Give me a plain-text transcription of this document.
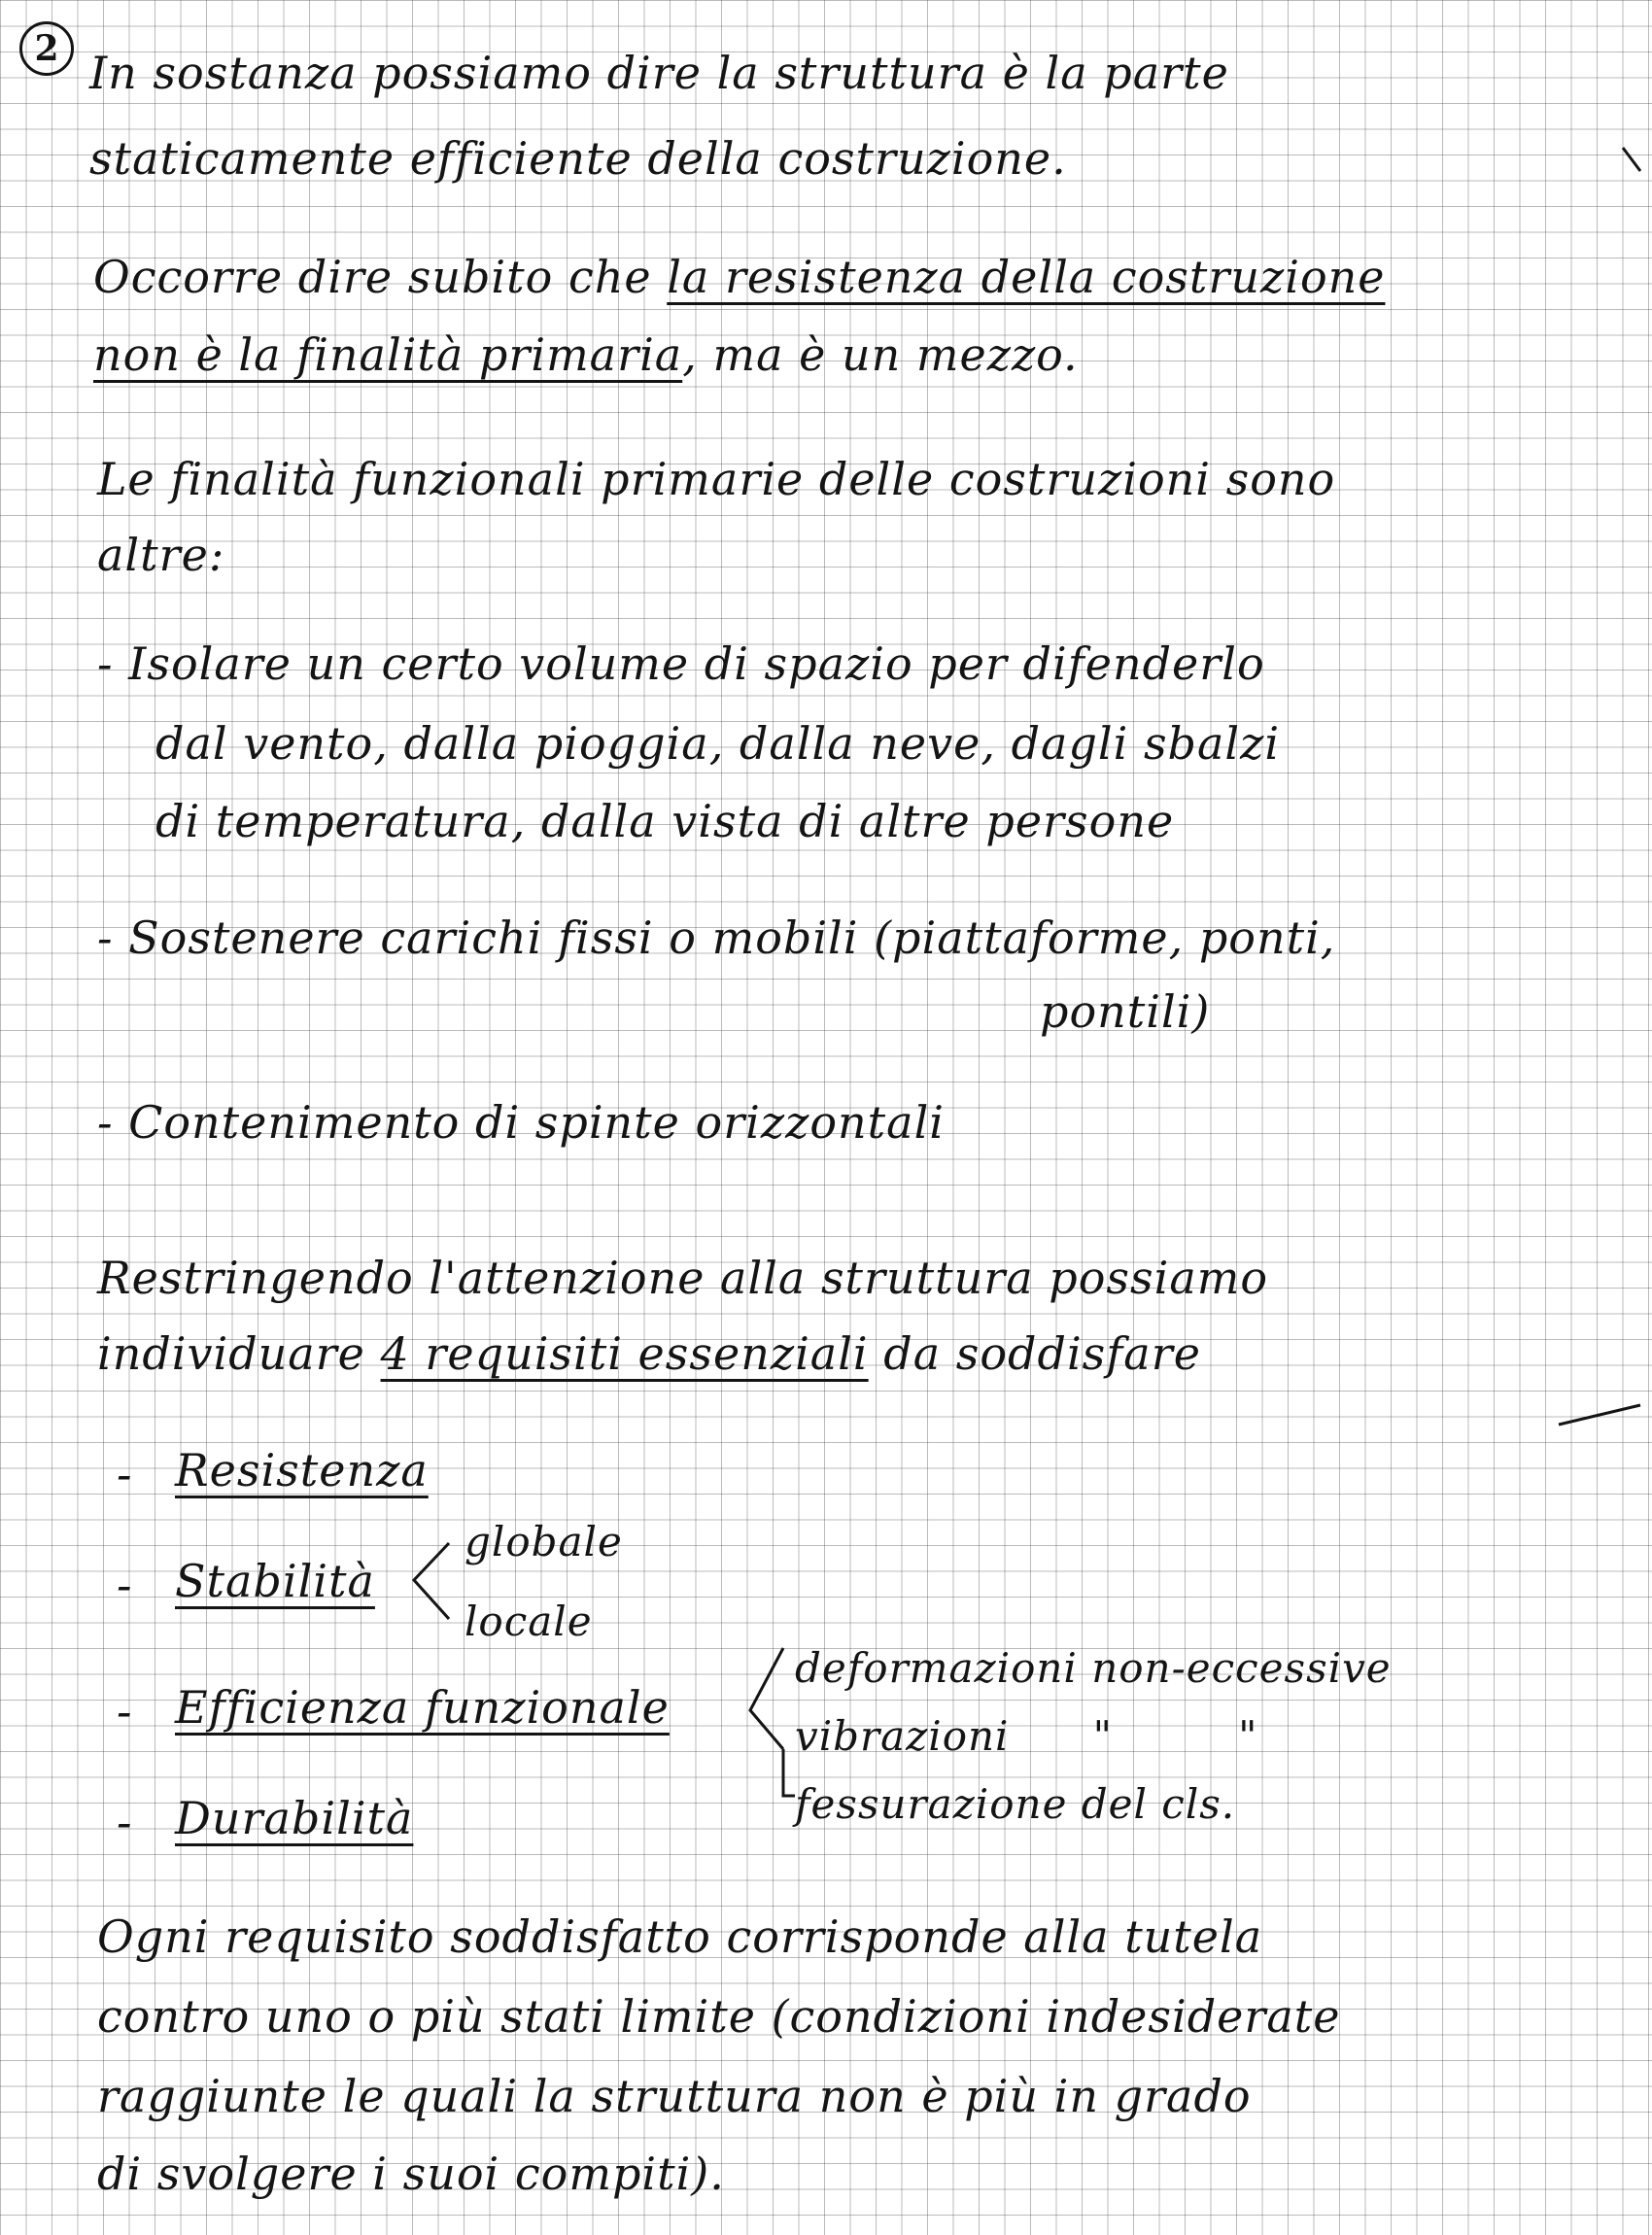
2 In sostanza possiamo dire la struttura è la parte
staticamente efficiente della costruzione.
Occorre dire subito che la resistenza della costruzione
non è la finalità primaria, ma è un mezzo.
Le finalità funzionali primarie delle costruzioni sono
altre:
- Isolare un certo volume di spazio per difenderlo
dal vento, dalla pioggia, dalla neve, dagli sbalzi
di temperatura, dalla vista di altre persone
- Sostenere carichi fissi o mobili (piattaforme, ponti,
pontili)
- Contenimento di spinte orizzontali
Restringendo l'attenzione alla struttura possiamo
individuare 4 requisiti essenziali da soddisfare
- Resistenza
- Stabilità
globale
locale
- Efficienza funzionale
deformazioni non-eccessive
vibrazioni      "         "
fessurazione del cls.
- Durabilità
Ogni requisito soddisfatto corrisponde alla tutela
contro uno o più stati limite (condizioni indesiderate
raggiunte le quali la struttura non è più in grado
di svolgere i suoi compiti).
